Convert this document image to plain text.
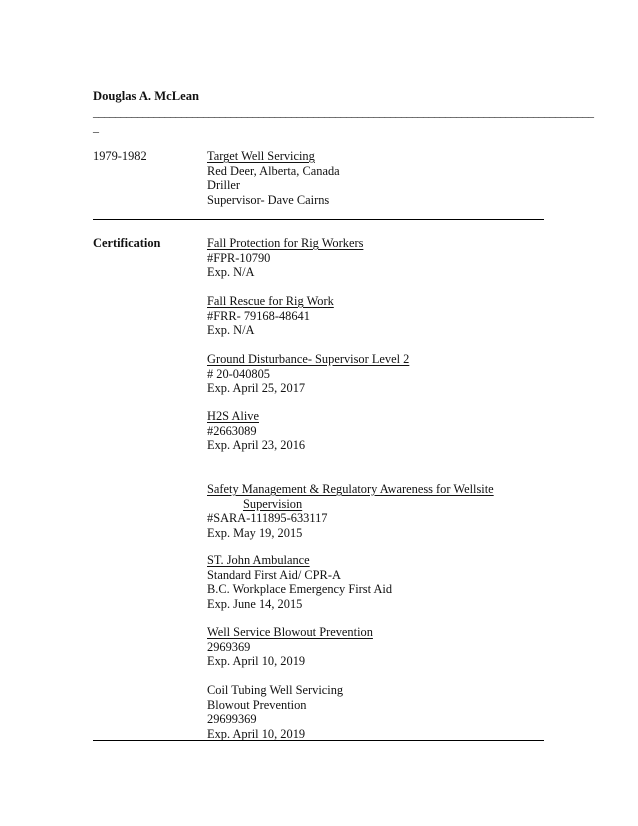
Douglas A. McLean
___________________________________________________________________________________________
_
1979-1982	Target Well Servicing
Red Deer, Alberta, Canada
Driller
Supervisor- Dave Cairns
Certification	Fall Protection for Rig Workers
#FPR-10790
Exp. N/A
Fall Rescue for Rig Work
#FRR- 79168-48641
Exp. N/A
Ground Disturbance- Supervisor Level 2
# 20-040805
Exp. April 25, 2017
H2S Alive
#2663089
Exp. April 23, 2016
Safety Management & Regulatory Awareness for Wellsite
Supervision
#SARA-111895-633117
Exp. May 19, 2015
ST. John Ambulance
Standard First Aid/ CPR-A
B.C. Workplace Emergency First Aid
Exp. June 14, 2015
Well Service Blowout Prevention
2969369
Exp. April 10, 2019
Coil Tubing Well Servicing
Blowout Prevention
29699369
Exp. April 10, 2019
